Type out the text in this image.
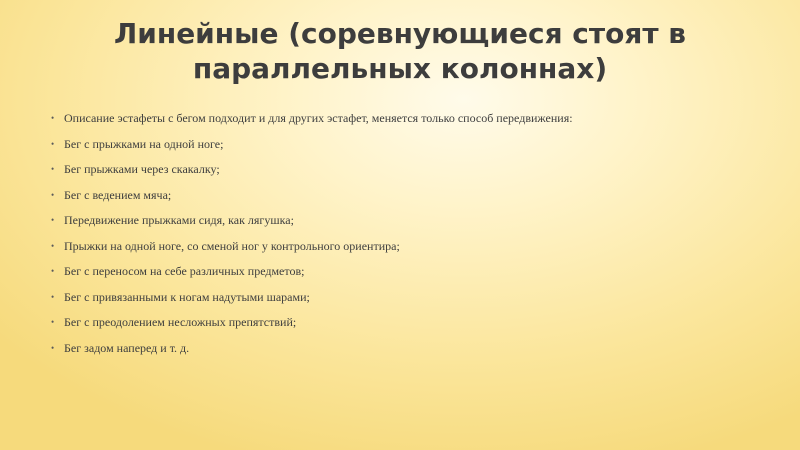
Линейные (соревнующиеся стоят в параллельных колоннах)
• Описание эстафеты с бегом подходит и для других эстафет, меняется только способ передвижения:
• Бег с прыжками на одной ноге;
• Бег прыжками через скакалку;
• Бег с ведением мяча;
• Передвижение прыжками сидя, как лягушка;
• Прыжки на одной ноге, со сменой ног у контрольного ориентира;
• Бег с переносом на себе различных предметов;
• Бег с привязанными к ногам надутыми шарами;
• Бег с преодолением несложных препятствий;
• Бег задом наперед и т. д.
